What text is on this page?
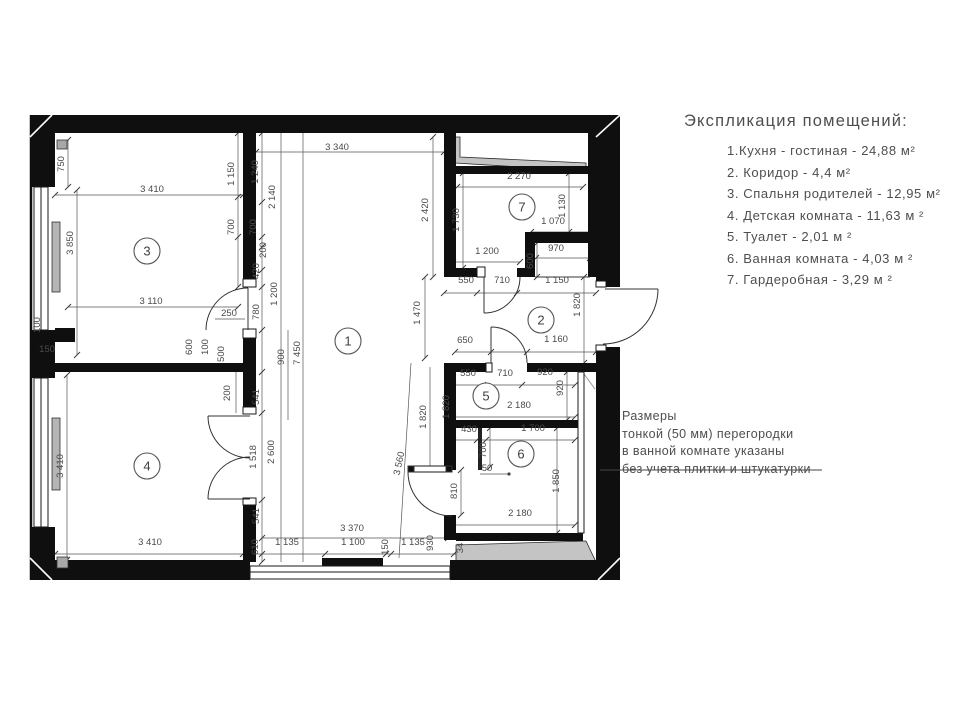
1
2
3
4
5
6
7
3 340
3 410
3 110
250
750
3 850
100
150
1 150 1 240
2 140
700 700
200
420
1 200
780
600 100 500	900 7 450
200 541
1 518 2 600
541
3 410
3 410	610 1 135	1 100 150 1 135 930 34
3 370
2 420
1 470
2 270
1 730
1 130
1 070
970
1 200
600
550 710	1 150
1 820
650	1 160
550 710	920
920
2 180
1 820 1 820
3 560
430	1 700
700
50
810	1 850
2 180
Экспликация помещений:
1.Кухня - гостиная - 24,88 м²
2. Коридор - 4,4 м²
3. Спальня родителей - 12,95 м²
4. Детская комната - 11,63 м ²
5. Туалет - 2,01 м ²
6. Ванная комната - 4,03 м ²
7. Гардеробная - 3,29 м ²
Размеры
тонкой (50 мм) перегородки
в ванной комнате указаны
без учета плитки и штукатурки
